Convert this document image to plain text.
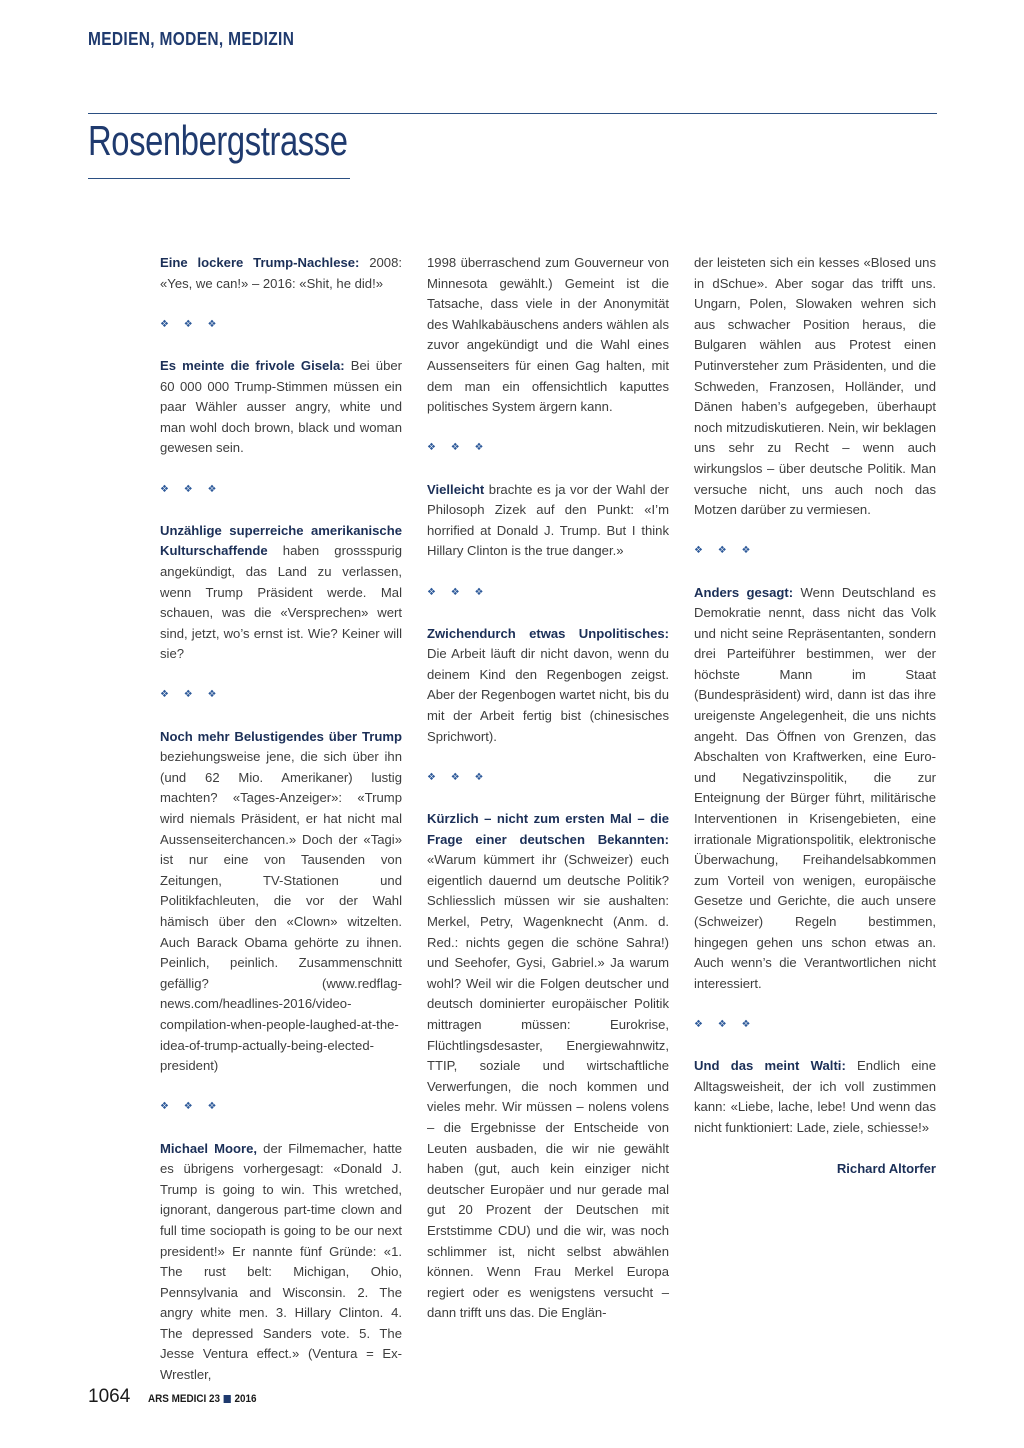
MEDIEN, MODEN, MEDIZIN
Rosenbergstrasse

Eine lockere Trump-Nachlese: 2008: «Yes, we can!» – 2016: «Shit, he did!»

❖ ❖ ❖

Es meinte die frivole Gisela: Bei über 60 000 000 Trump-Stimmen müssen ein paar Wähler ausser angry, white und man wohl doch brown, black und woman gewesen sein.

❖ ❖ ❖

Unzählige superreiche amerikanische Kulturschaffende haben grossspurig angekündigt, das Land zu verlassen, wenn Trump Präsident werde. Mal schauen, was die «Versprechen» wert sind, jetzt, wo’s ernst ist. Wie? Keiner will sie?

❖ ❖ ❖

Noch mehr Belustigendes über Trump beziehungsweise jene, die sich über ihn (und 62 Mio. Amerikaner) lustig machten? «Tages-Anzeiger»: «Trump wird niemals Präsident, er hat nicht mal Aussenseiterchancen.» Doch der «Tagi» ist nur eine von Tausenden von Zeitungen, TV-Stationen und Politikfachleuten, die vor der Wahl hämisch über den «Clown» witzelten. Auch Barack Obama gehörte zu ihnen. Peinlich, peinlich. Zusammenschnitt gefällig? (www.redflag-news.com/headlines-2016/video-compilation-when-people-laughed-at-the-idea-of-trump-actually-being-elected-president)

❖ ❖ ❖

Michael Moore, der Filmemacher, hatte es übrigens vorhergesagt: «Donald J. Trump is going to win. This wretched, ignorant, dangerous part-time clown and full time sociopath is going to be our next president!» Er nannte fünf Gründe: «1. The rust belt: Michigan, Ohio, Pennsylvania and Wisconsin. 2. The angry white men. 3. Hillary Clinton. 4. The depressed Sanders vote. 5. The Jesse Ventura effect.» (Ventura = Ex-Wrestler,

1998 überraschend zum Gouverneur von Minnesota gewählt.) Gemeint ist die Tatsache, dass viele in der Anonymität des Wahlkabäuschens anders wählen als zuvor angekündigt und die Wahl eines Aussenseiters für einen Gag halten, mit dem man ein offensichtlich kaputtes politisches System ärgern kann.

❖ ❖ ❖

Vielleicht brachte es ja vor der Wahl der Philosoph Zizek auf den Punkt: «I’m horrified at Donald J. Trump. But I think Hillary Clinton is the true danger.»

❖ ❖ ❖

Zwichendurch etwas Unpolitisches: Die Arbeit läuft dir nicht davon, wenn du deinem Kind den Regenbogen zeigst. Aber der Regenbogen wartet nicht, bis du mit der Arbeit fertig bist (chinesisches Sprichwort).

❖ ❖ ❖

Kürzlich – nicht zum ersten Mal – die Frage einer deutschen Bekannten: «Warum kümmert ihr (Schweizer) euch eigentlich dauernd um deutsche Politik? Schliesslich müssen wir sie aushalten: Merkel, Petry, Wagenknecht (Anm. d. Red.: nichts gegen die schöne Sahra!) und Seehofer, Gysi, Gabriel.» Ja warum wohl? Weil wir die Folgen deutscher und deutsch dominierter europäischer Politik mittragen müssen: Eurokrise, Flüchtlingsdesaster, Energiewahnwitz, TTIP, soziale und wirtschaftliche Verwerfungen, die noch kommen und vieles mehr. Wir müssen – nolens volens – die Ergebnisse der Entscheide von Leuten ausbaden, die wir nie gewählt haben (gut, auch kein einziger nicht deutscher Europäer und nur gerade mal gut 20 Prozent der Deutschen mit Erststimme CDU) und die wir, was noch schlimmer ist, nicht selbst abwählen können. Wenn Frau Merkel Europa regiert oder es wenigstens versucht – dann trifft uns das. Die Englän-

der leisteten sich ein kesses «Blosed uns in dSchue». Aber sogar das trifft uns. Ungarn, Polen, Slowaken wehren sich aus schwacher Position heraus, die Bulgaren wählen aus Protest einen Putinversteher zum Präsidenten, und die Schweden, Franzosen, Holländer, und Dänen haben’s aufgegeben, überhaupt noch mitzudiskutieren. Nein, wir beklagen uns sehr zu Recht – wenn auch wirkungslos – über deutsche Politik. Man versuche nicht, uns auch noch das Motzen darüber zu vermiesen.

❖ ❖ ❖

Anders gesagt: Wenn Deutschland es Demokratie nennt, dass nicht das Volk und nicht seine Repräsentanten, sondern drei Parteiführer bestimmen, wer der höchste Mann im Staat (Bundespräsident) wird, dann ist das ihre ureigenste Angelegenheit, die uns nichts angeht. Das Öffnen von Grenzen, das Abschalten von Kraftwerken, eine Euro- und Negativzinspolitik, die zur Enteignung der Bürger führt, militärische Interventionen in Krisengebieten, eine irrationale Migrationspolitik, elektronische Überwachung, Freihandelsabkommen zum Vorteil von wenigen, europäische Gesetze und Gerichte, die auch unsere (Schweizer) Regeln bestimmen, hingegen gehen uns schon etwas an. Auch wenn’s die Verantwortlichen nicht interessiert.

❖ ❖ ❖

Und das meint Walti: Endlich eine Alltagsweisheit, der ich voll zustimmen kann: «Liebe, lache, lebe! Und wenn das nicht funktioniert: Lade, ziele, schiesse!»

Richard Altorfer

1064 ARS MEDICI 23 2016
